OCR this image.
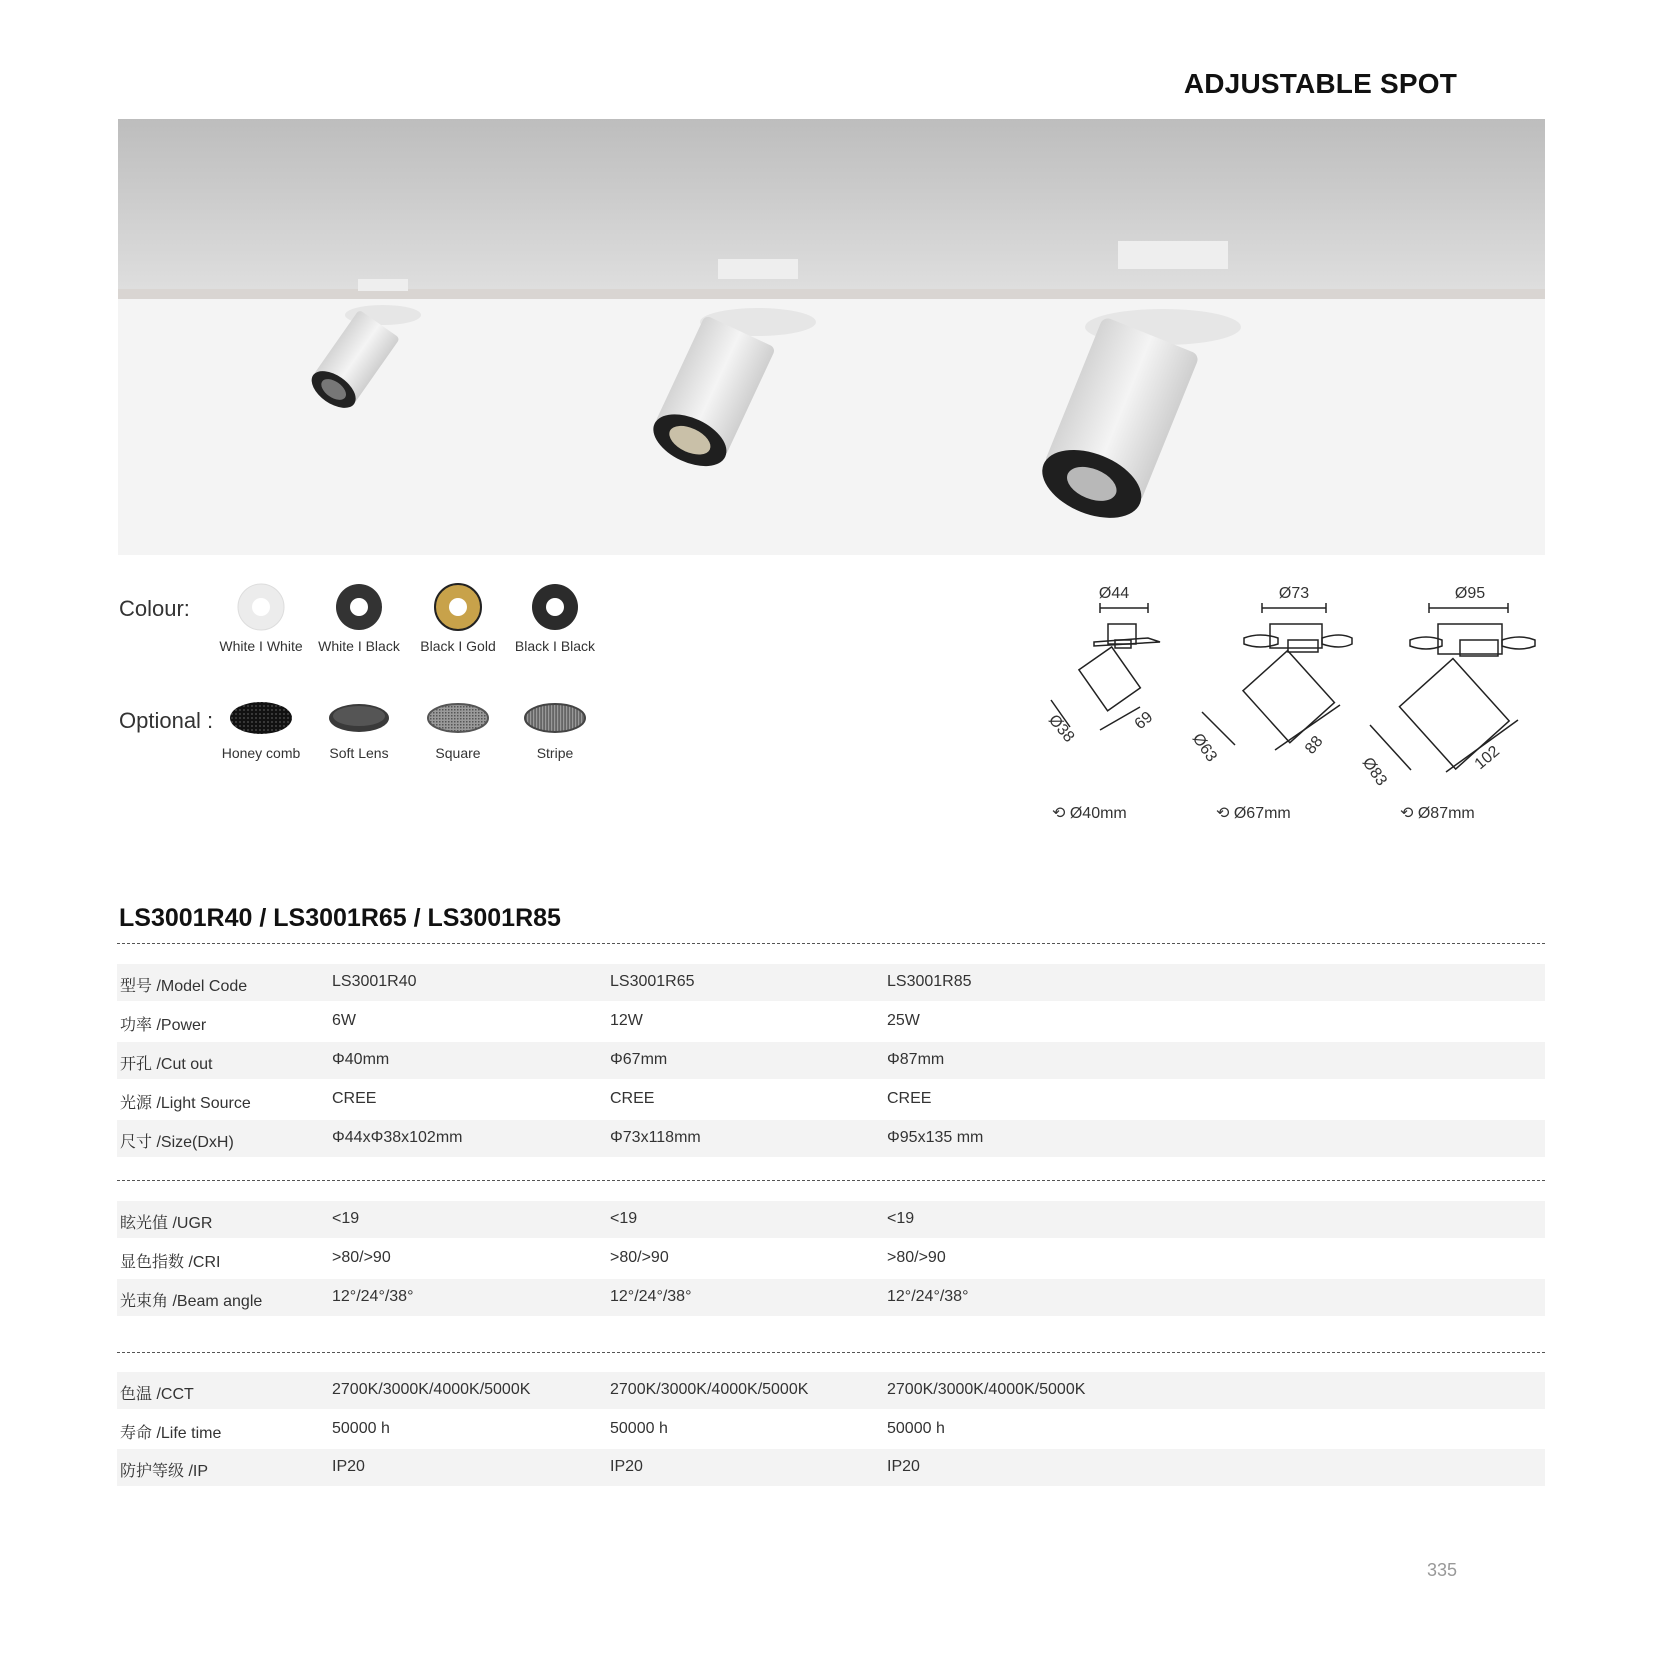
ADJUSTABLE SPOT
Colour:
White I White	White I Black	Black I Gold	Black I Black
Optional :
Honey comb	Soft Lens	Square	Stripe
Ø44
Ø38	69
Ø73
Ø63	88
Ø95
Ø83	102
⟲ Ø40mm	⟲ Ø67mm	⟲ Ø87mm
LS3001R40 / LS3001R65 / LS3001R85
型号 /Model Code	LS3001R40	LS3001R65	LS3001R85
功率 /Power	6W	12W	25W
开孔 /Cut out	Φ40mm	Φ67mm	Φ87mm
光源 /Light Source	CREE	CREE	CREE
尺寸 /Size(DxH)	Φ44xΦ38x102mm	Φ73x118mm	Φ95x135 mm
眩光值 /UGR	<19	<19	<19
显色指数 /CRI	>80/>90	>80/>90	>80/>90
光束角 /Beam angle	12°/24°/38°	12°/24°/38°	12°/24°/38°
色温 /CCT	2700K/3000K/4000K/5000K	2700K/3000K/4000K/5000K	2700K/3000K/4000K/5000K
寿命 /Life time	50000 h	50000 h	50000 h
防护等级 /IP	IP20	IP20	IP20
335
